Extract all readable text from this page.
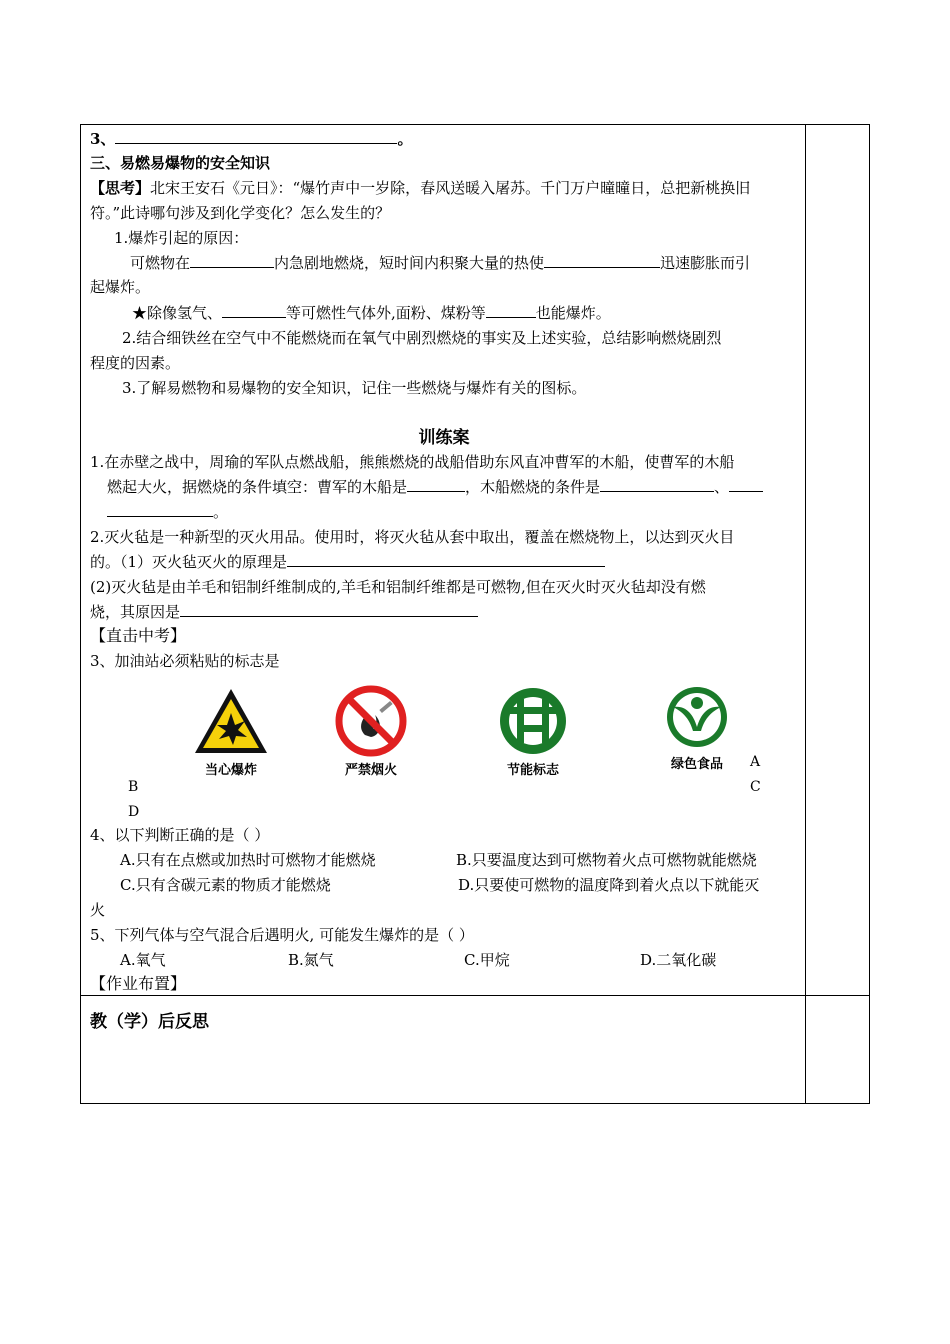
3、	。
三、易燃易爆物的安全知识
【思考】北宋王安石《元日》：“爆竹声中一岁除，春风送暖入屠苏。千门万户曈曈日，总把新桃换旧
符。”此诗哪句涉及到化学变化？怎么发生的？
1.爆炸引起的原因：
可燃物在	内急剧地燃烧，短时间内积聚大量的热使	迅速膨胀而引
起爆炸。
★除像氢气、	等可燃性气体外,面粉、煤粉等	也能爆炸。
2.结合细铁丝在空气中不能燃烧而在氧气中剧烈燃烧的事实及上述实验，总结影响燃烧剧烈
程度的因素。
3.了解易燃物和易爆物的安全知识，记住一些燃烧与爆炸有关的图标。
训练案
1.在赤壁之战中，周瑜的军队点燃战船，熊熊燃烧的战船借助东风直冲曹军的木船，使曹军的木船
燃起大火，据燃烧的条件填空：曹军的木船是	，木船燃烧的条件是	、
。
2.灭火毡是一种新型的灭火用品。使用时，将灭火毡从套中取出，覆盖在燃烧物上，以达到灭火目
的。（1）灭火毡灭火的原理是
(2)灭火毡是由羊毛和铝制纤维制成的,羊毛和铝制纤维都是可燃物,但在灭火时灭火毡却没有燃
烧，其原因是
【直击中考】
3、加油站必须粘贴的标志是
当心爆炸	严禁烟火	节能标志	绿色食品	A
B	C
D
4、以下判断正确的是（ ）
A.只有在点燃或加热时可燃物才能燃烧	B.只要温度达到可燃物着火点可燃物就能燃烧
C.只有含碳元素的物质才能燃烧	D.只要使可燃物的温度降到着火点以下就能灭
火
5、下列气体与空气混合后遇明火, 可能发生爆炸的是（ ）
A.氧气	B.氮气	C.甲烷	D.二氧化碳
【作业布置】
教（学）后反思
